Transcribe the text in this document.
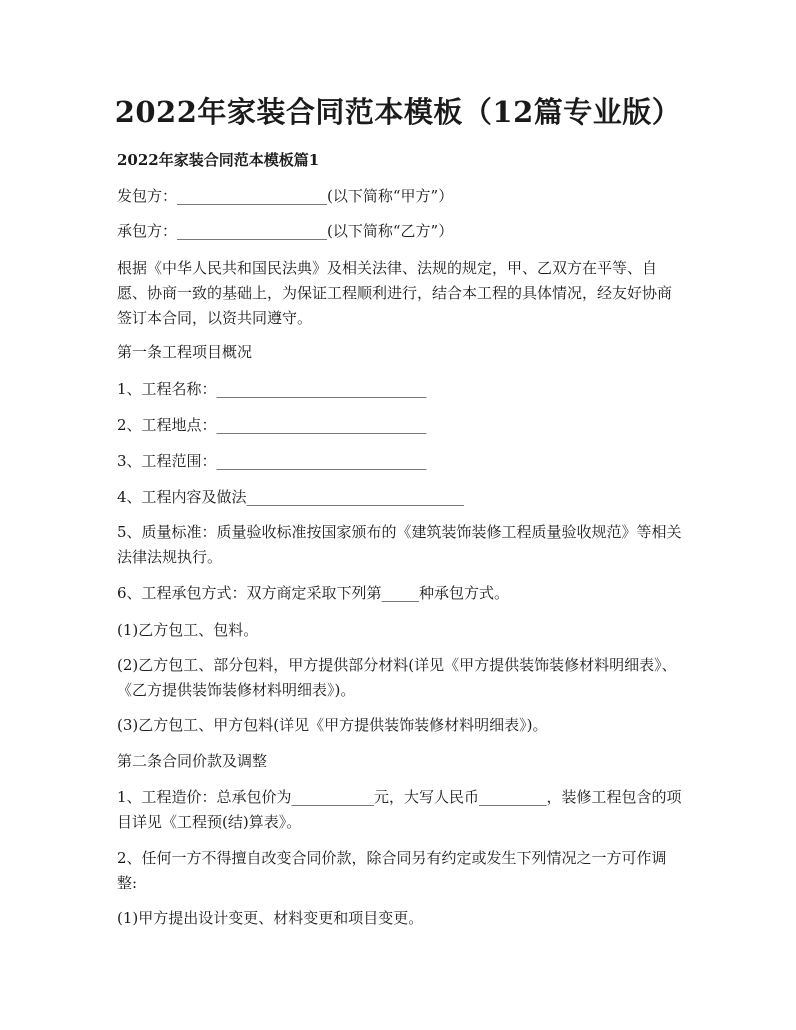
2022年家装合同范本模板（12篇专业版）

2022年家装合同范本模板篇1

发包方：____________________(以下简称“甲方”）

承包方：____________________(以下简称“乙方”）

根据《中华人民共和国民法典》及相关法律、法规的规定，甲、乙双方在平等、自愿、协商一致的基础上，为保证工程顺利进行，结合本工程的具体情况，经友好协商签订本合同，以资共同遵守。

第一条工程项目概况

1、工程名称：____________________________

2、工程地点：____________________________

3、工程范围：____________________________

4、工程内容及做法_____________________________

5、质量标准：质量验收标准按国家颁布的《建筑装饰装修工程质量验收规范》等相关法律法规执行。

6、工程承包方式：双方商定采取下列第_____种承包方式。

(1)乙方包工、包料。

(2)乙方包工、部分包料，甲方提供部分材料(详见《甲方提供装饰装修材料明细表》、《乙方提供装饰装修材料明细表》)。

(3)乙方包工、甲方包料(详见《甲方提供装饰装修材料明细表》)。

第二条合同价款及调整

1、工程造价：总承包价为___________元，大写人民币_________，装修工程包含的项目详见《工程预(结)算表》。

2、任何一方不得擅自改变合同价款，除合同另有约定或发生下列情况之一方可作调整:

(1)甲方提出设计变更、材料变更和项目变更。
